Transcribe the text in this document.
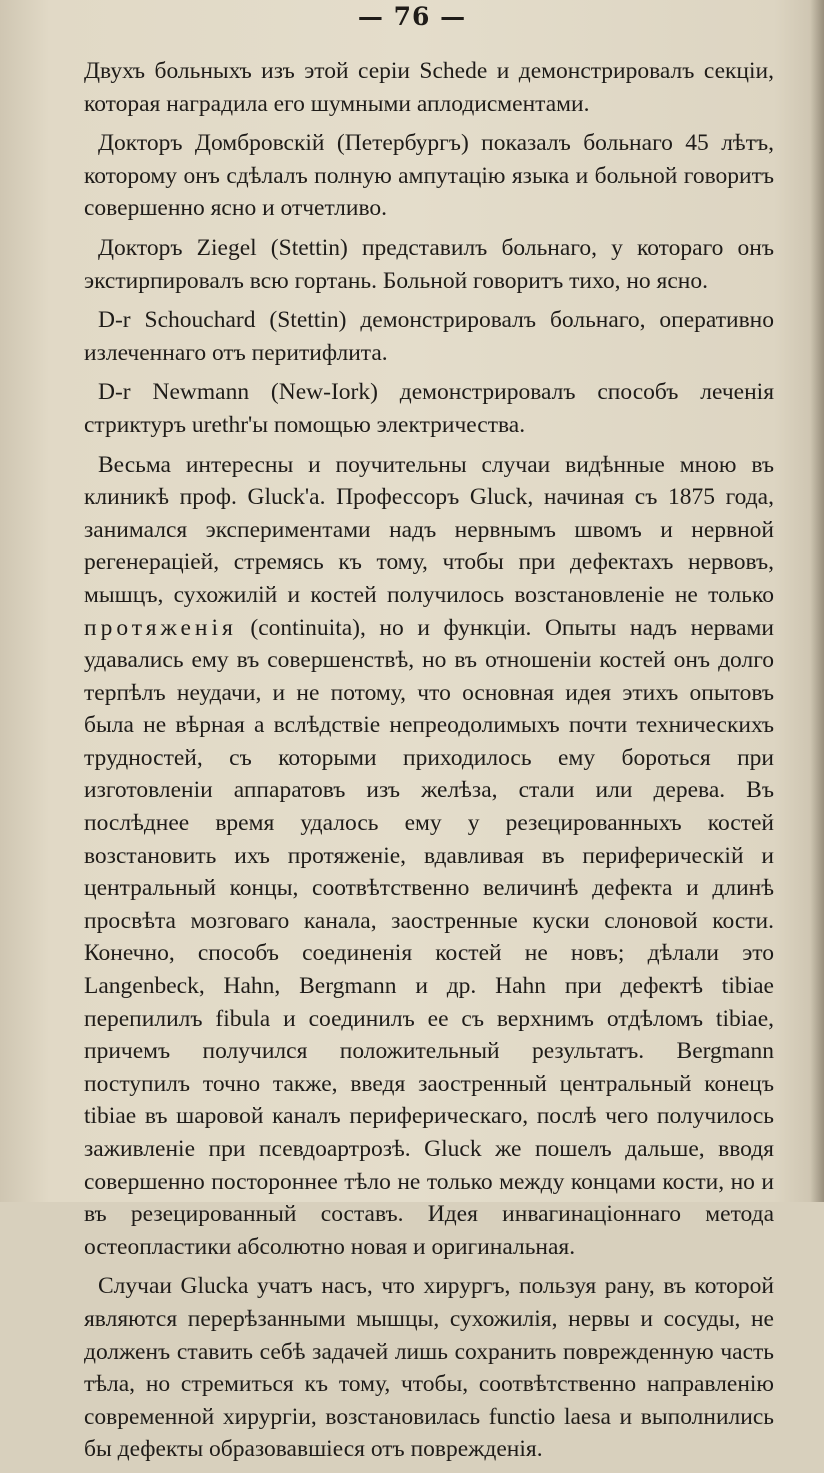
— 76 —

Двухъ больныхъ изъ этой серіи Schede и демонстрировалъ секціи, которая наградила его шумными аплодисментами.

Докторъ Домбровскій (Петербургъ) показалъ больнаго 45 лѣтъ, которому онъ сдѣлалъ полную ампутацію языка и больной говоритъ совершенно ясно и отчетливо.

Докторъ Ziegel (Stettin) представилъ больнаго, у котораго онъ экстирпировалъ всю гортань. Больной говоритъ тихо, но ясно.

D-r Schouchard (Stettin) демонстрировалъ больнаго, оперативно излеченнаго отъ перитифлита.

D-r Newmann (New-Iork) демонстрировалъ способъ леченія стриктуръ urethr'ы помощью электричества.

Весьма интересны и поучительны случаи видѣнные мною въ клиникѣ проф. Gluck'a. Профессоръ Gluck, начиная съ 1875 года, занимался экспериментами надъ нервнымъ швомъ и нервной регенераціей, стремясь къ тому, чтобы при дефектахъ нервовъ, мышцъ, сухожилій и костей получилось возстановленіе не только протяженія (continuita), но и функціи. Опыты надъ нервами удавались ему въ совершенствѣ, но въ отношеніи костей онъ долго терпѣлъ неудачи, и не потому, что основная идея этихъ опытовъ была не вѣрная а вслѣдствіе непреодолимыхъ почти техническихъ трудностей, съ которыми приходилось ему бороться при изготовленіи аппаратовъ изъ желѣза, стали или дерева. Въ послѣднее время удалось ему у резецированныхъ костей возстановить ихъ протяженіе, вдавливая въ периферическій и центральный концы, соотвѣтственно величинѣ дефекта и длинѣ просвѣта мозговаго канала, заостренные куски слоновой кости. Конечно, способъ соединенія костей не новъ; дѣлали это Langenbeck, Hahn, Bergmann и др. Hahn при дефектѣ tibiae перепилилъ fibula и соединилъ ее съ верхнимъ отдѣломъ tibiae, причемъ получился положительный результатъ. Bergmann поступилъ точно также, введя заостренный центральный конецъ tibiae въ шаровой каналъ периферическаго, послѣ чего получилось заживленіе при псевдоартрозѣ. Gluck же пошелъ дальше, вводя совершенно постороннее тѣло не только между концами кости, но и въ резецированный составъ. Идея инвагинаціоннаго метода остеопластики абсолютно новая и оригинальная.

Случаи Glucka учатъ насъ, что хирургъ, пользуя рану, въ которой являются перерѣзанными мышцы, сухожилія, нервы и сосуды, не долженъ ставить себѣ задачей лишь сохранить поврежденную часть тѣла, но стремиться къ тому, чтобы, соотвѣтственно направленію современной хирургіи, возстановилась functio laesa и выполнились бы дефекты образовавшіеся отъ поврежденія.
